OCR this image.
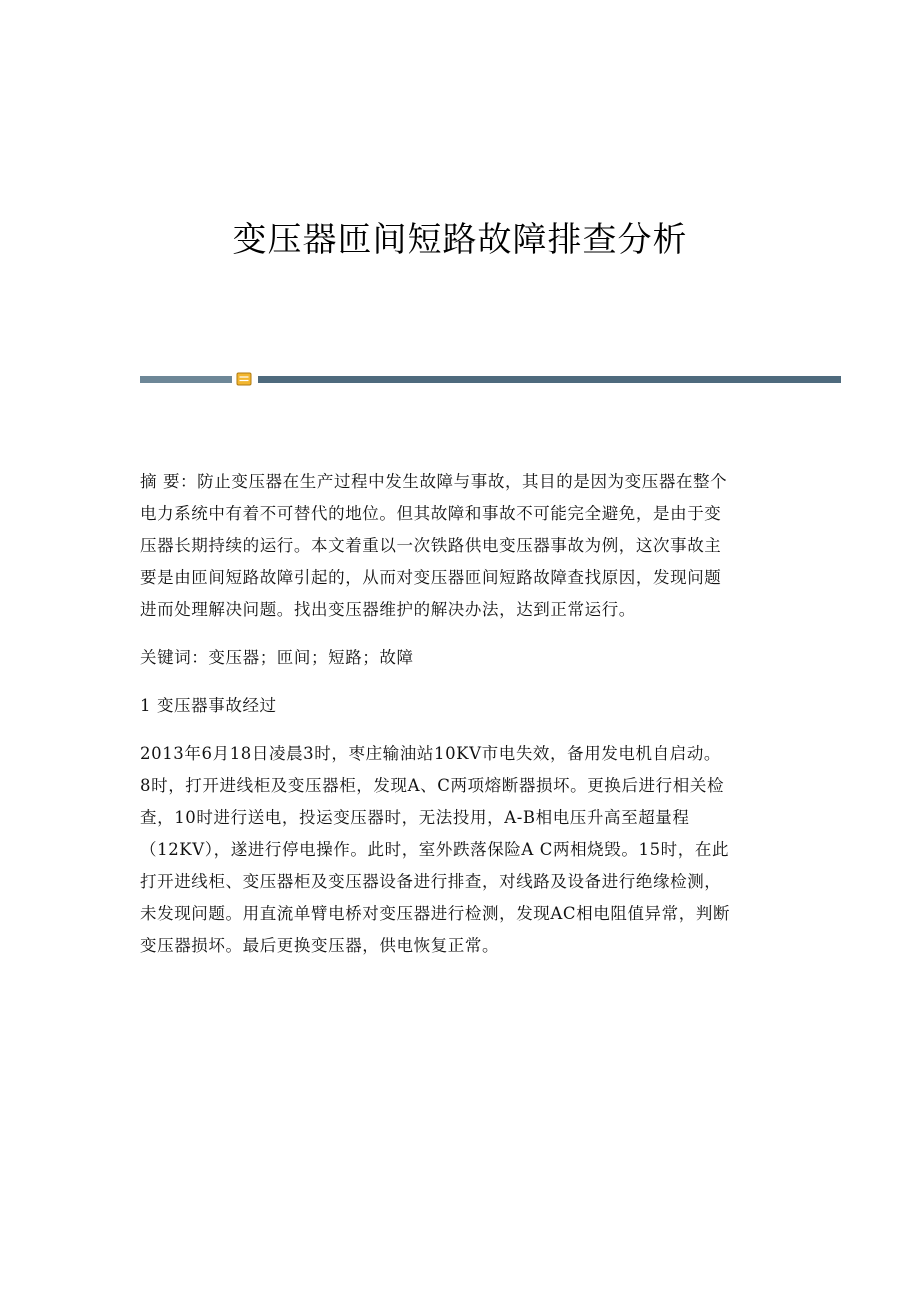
变压器匝间短路故障排查分析

摘 要：防止变压器在生产过程中发生故障与事故，其目的是因为变压器在整个
电力系统中有着不可替代的地位。但其故障和事故不可能完全避免，是由于变
压器长期持续的运行。本文着重以一次铁路供电变压器事故为例，这次事故主
要是由匝间短路故障引起的，从而对变压器匝间短路故障查找原因，发现问题
进而处理解决问题。找出变压器维护的解决办法，达到正常运行。

关键词：变压器；匝间；短路；故障

1 变压器事故经过

2013年6月18日凌晨3时，枣庄输油站10KV市电失效，备用发电机自启动。
8时，打开进线柜及变压器柜，发现A、C两项熔断器损坏。更换后进行相关检
查，10时进行送电，投运变压器时，无法投用，A-B相电压升高至超量程
（12KV），遂进行停电操作。此时，室外跌落保险A C两相烧毁。15时，在此
打开进线柜、变压器柜及变压器设备进行排查，对线路及设备进行绝缘检测，
未发现问题。用直流单臂电桥对变压器进行检测，发现AC相电阻值异常，判断
变压器损坏。最后更换变压器，供电恢复正常。
